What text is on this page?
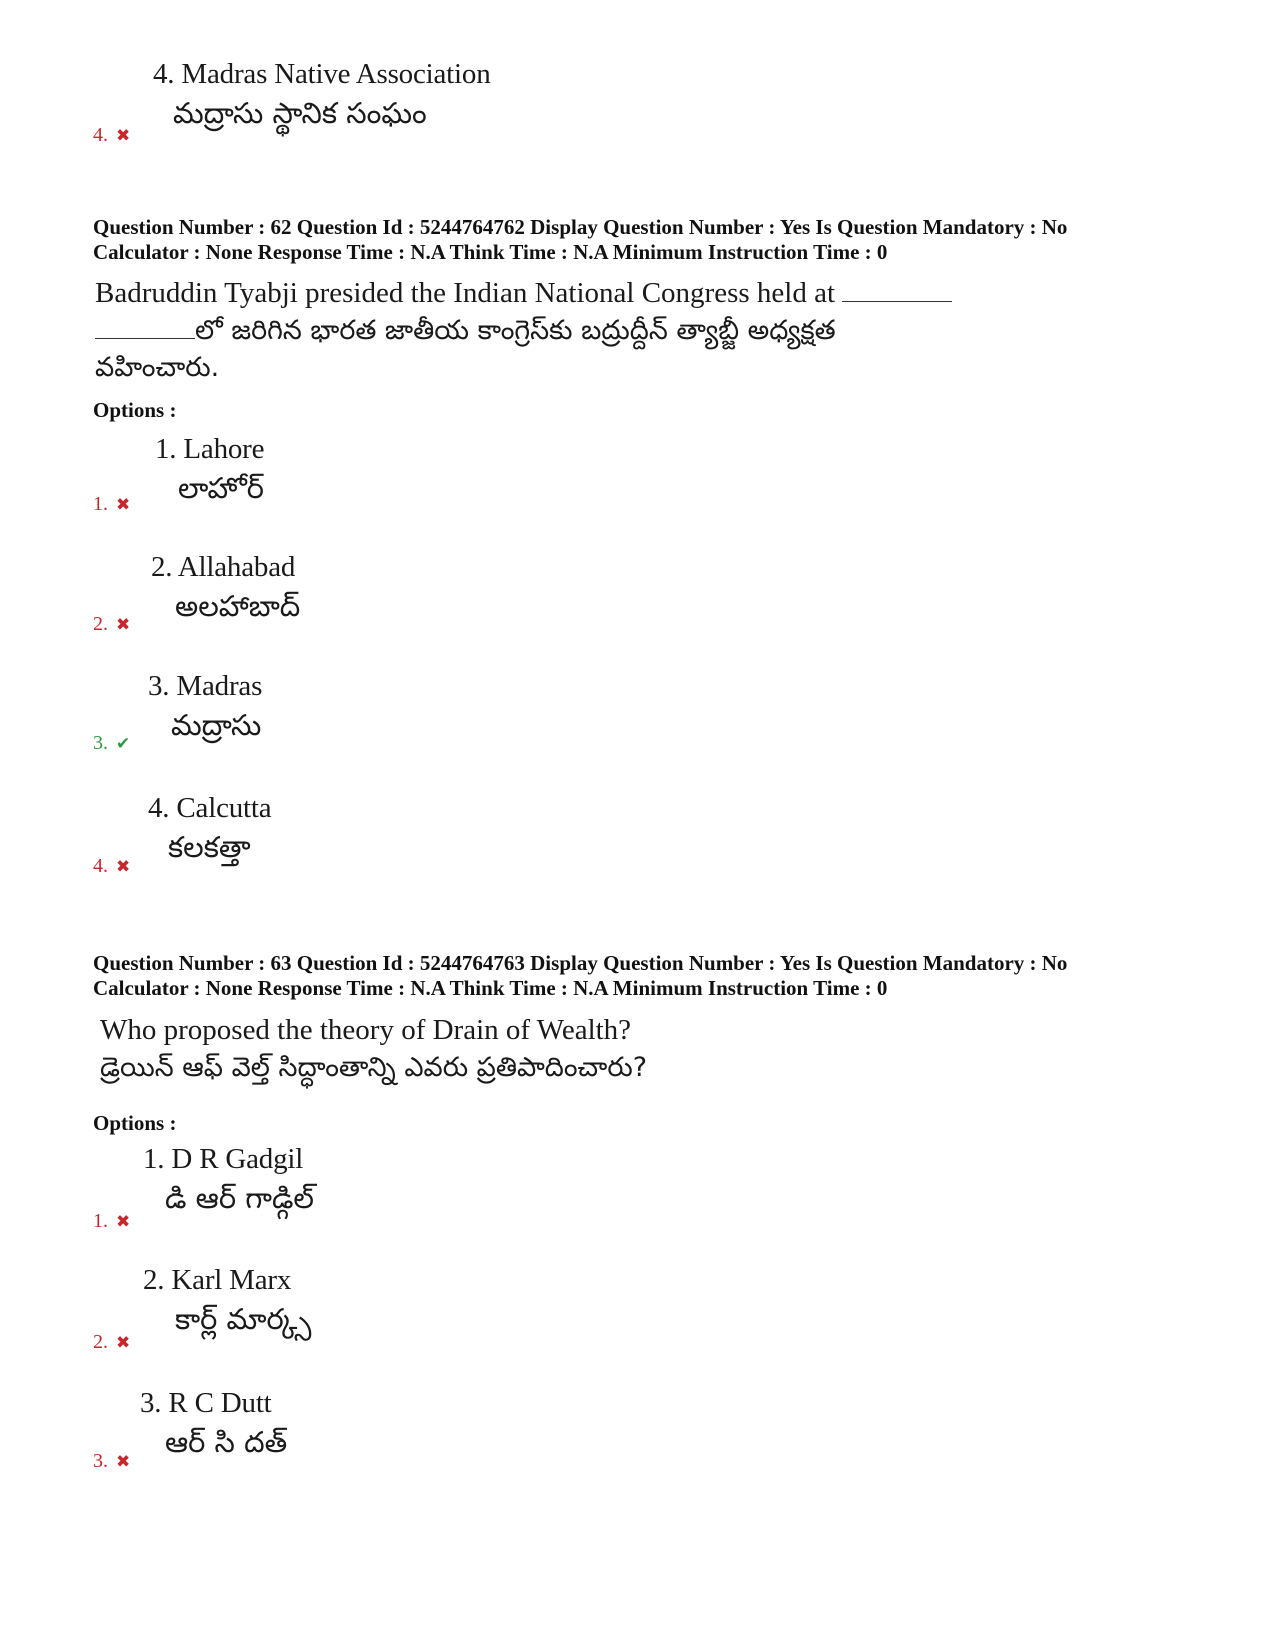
4. Madras Native Association
మద్రాసు స్థానిక సంఘం
4. ✖
Question Number : 62 Question Id : 5244764762 Display Question Number : Yes Is Question Mandatory : No
Calculator : None Response Time : N.A Think Time : N.A Minimum Instruction Time : 0
Badruddin Tyabji presided the Indian National Congress held at
లో జరిగిన భారత జాతీయ కాంగ్రెస్‌కు బద్రుద్దీన్ త్యాబ్జీ అధ్యక్షత
వహించారు.
Options :
1. Lahore
లాహోర్
1. ✖
2. Allahabad
అలహాబాద్
2. ✖
3. Madras
మద్రాసు
3. ✔
4. Calcutta
కలకత్తా
4. ✖
Question Number : 63 Question Id : 5244764763 Display Question Number : Yes Is Question Mandatory : No
Calculator : None Response Time : N.A Think Time : N.A Minimum Instruction Time : 0
Who proposed the theory of Drain of Wealth?
డ్రెయిన్ ఆఫ్ వెల్త్ సిద్ధాంతాన్ని ఎవరు ప్రతిపాదించారు?
Options :
1. D R Gadgil
డి ఆర్ గాడ్గిల్
1. ✖
2. Karl Marx
కార్ల్ మార్క్స
2. ✖
3. R C Dutt
ఆర్ సి దత్
3. ✖
